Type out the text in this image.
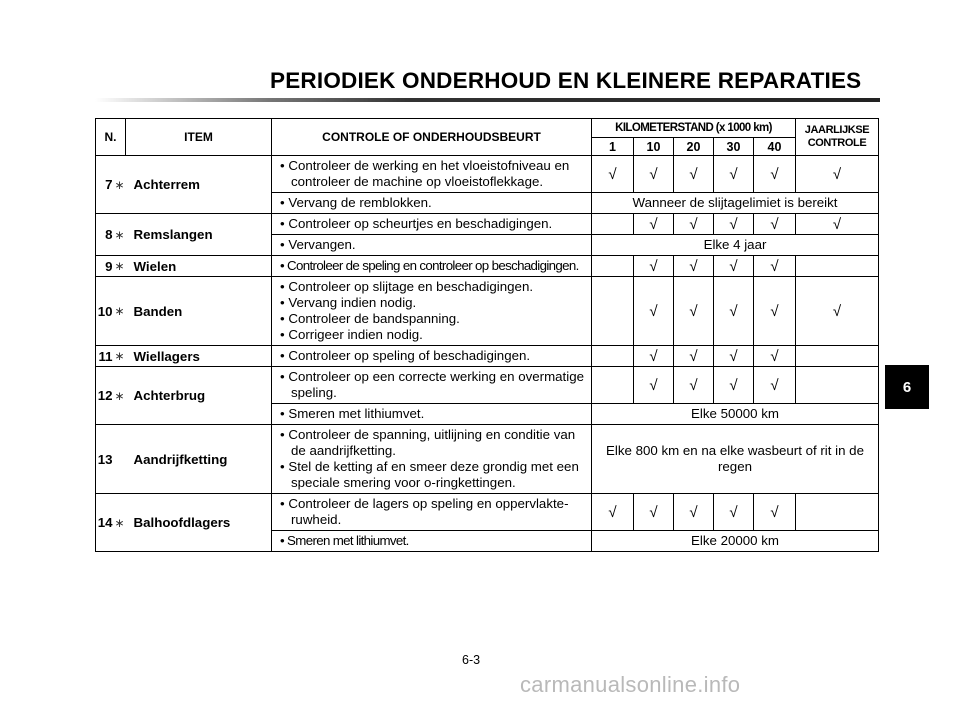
PERIODIEK ONDERHOUD EN KLEINERE REPARATIES
N.		ITEM	CONTROLE OF ONDERHOUDSBEURT	KILOMETERSTAND (x 1000 km)					JAARLIJKSE
CONTROLE

				1	10	20	30	40	
7	∗	Achterrem	• Controleer de werking en het vloeistofniveau en

controleer de machine op vloeistoflekkage.	√	√	√	√	√	√

			• Vervang de remblokken.	Wanneer de slijtagelimiet is bereikt					
8	∗	Remslangen	• Controleer op scheurtjes en beschadigingen.		√	√	√	√	√

			• Vervangen.	Elke 4 jaar					
9	∗	Wielen	• Controleer de speling en controleer op beschadigingen.		√	√	√	√	
10	∗	Banden	• Controleer op slijtage en beschadigingen.

• Vervang indien nodig.

• Controleer de bandspanning.

• Corrigeer indien nodig.		√	√	√	√	√
11	∗	Wiellagers	• Controleer op speling of beschadigingen.		√	√	√	√	
12	∗	Achterbrug	• Controleer op een correcte werking en overmatige

speling.		√	√	√	√	

			• Smeren met lithiumvet.	Elke 50000 km					
13		Aandrijfketting	• Controleer de spanning, uitlijning en conditie van

de aandrijfketting.

• Stel de ketting af en smeer deze grondig met een

speciale smering voor o-ringkettingen.	Elke 800 km en na elke wasbeurt of rit in de regen					
14	∗	Balhoofdlagers	• Controleer de lagers op speling en oppervlakte-

ruwheid.	√	√	√	√	√	

			• Smeren met lithiumvet.	Elke 20000 km					
6
6-3
carmanualsonline.info
